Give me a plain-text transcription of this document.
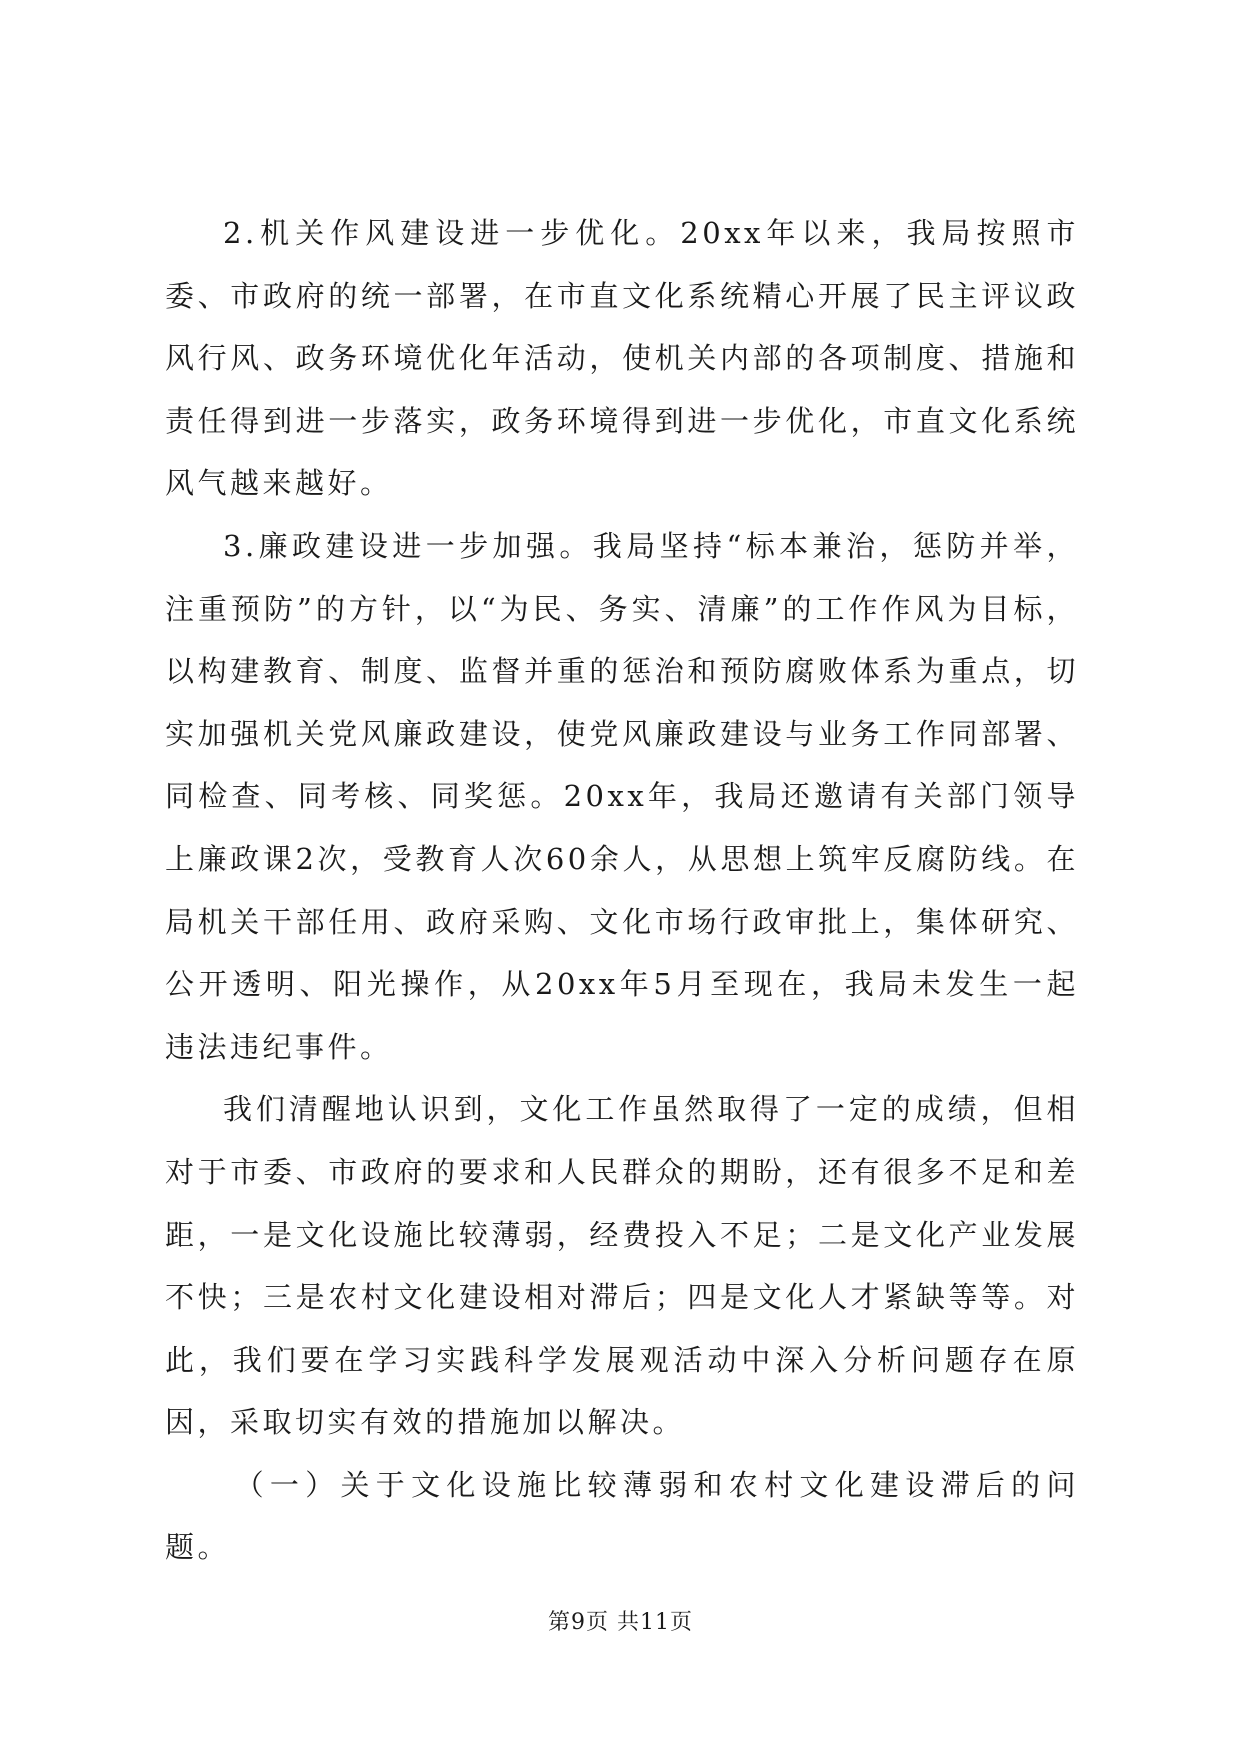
2.机关作风建设进一步优化。20xx年以来，我局按照市委、市政府的统一部署，在市直文化系统精心开展了民主评议政风行风、政务环境优化年活动，使机关内部的各项制度、措施和责任得到进一步落实，政务环境得到进一步优化，市直文化系统风气越来越好。

3.廉政建设进一步加强。我局坚持“标本兼治，惩防并举，注重预防”的方针，以“为民、务实、清廉”的工作作风为目标，以构建教育、制度、监督并重的惩治和预防腐败体系为重点，切实加强机关党风廉政建设，使党风廉政建设与业务工作同部署、同检查、同考核、同奖惩。20xx年，我局还邀请有关部门领导上廉政课2次，受教育人次60余人，从思想上筑牢反腐防线。在局机关干部任用、政府采购、文化市场行政审批上，集体研究、公开透明、阳光操作，从20xx年5月至现在，我局未发生一起违法违纪事件。

我们清醒地认识到，文化工作虽然取得了一定的成绩，但相对于市委、市政府的要求和人民群众的期盼，还有很多不足和差距，一是文化设施比较薄弱，经费投入不足；二是文化产业发展不快；三是农村文化建设相对滞后；四是文化人才紧缺等等。对此，我们要在学习实践科学发展观活动中深入分析问题存在原因，采取切实有效的措施加以解决。

（一）关于文化设施比较薄弱和农村文化建设滞后的问题。

第9页 共11页
